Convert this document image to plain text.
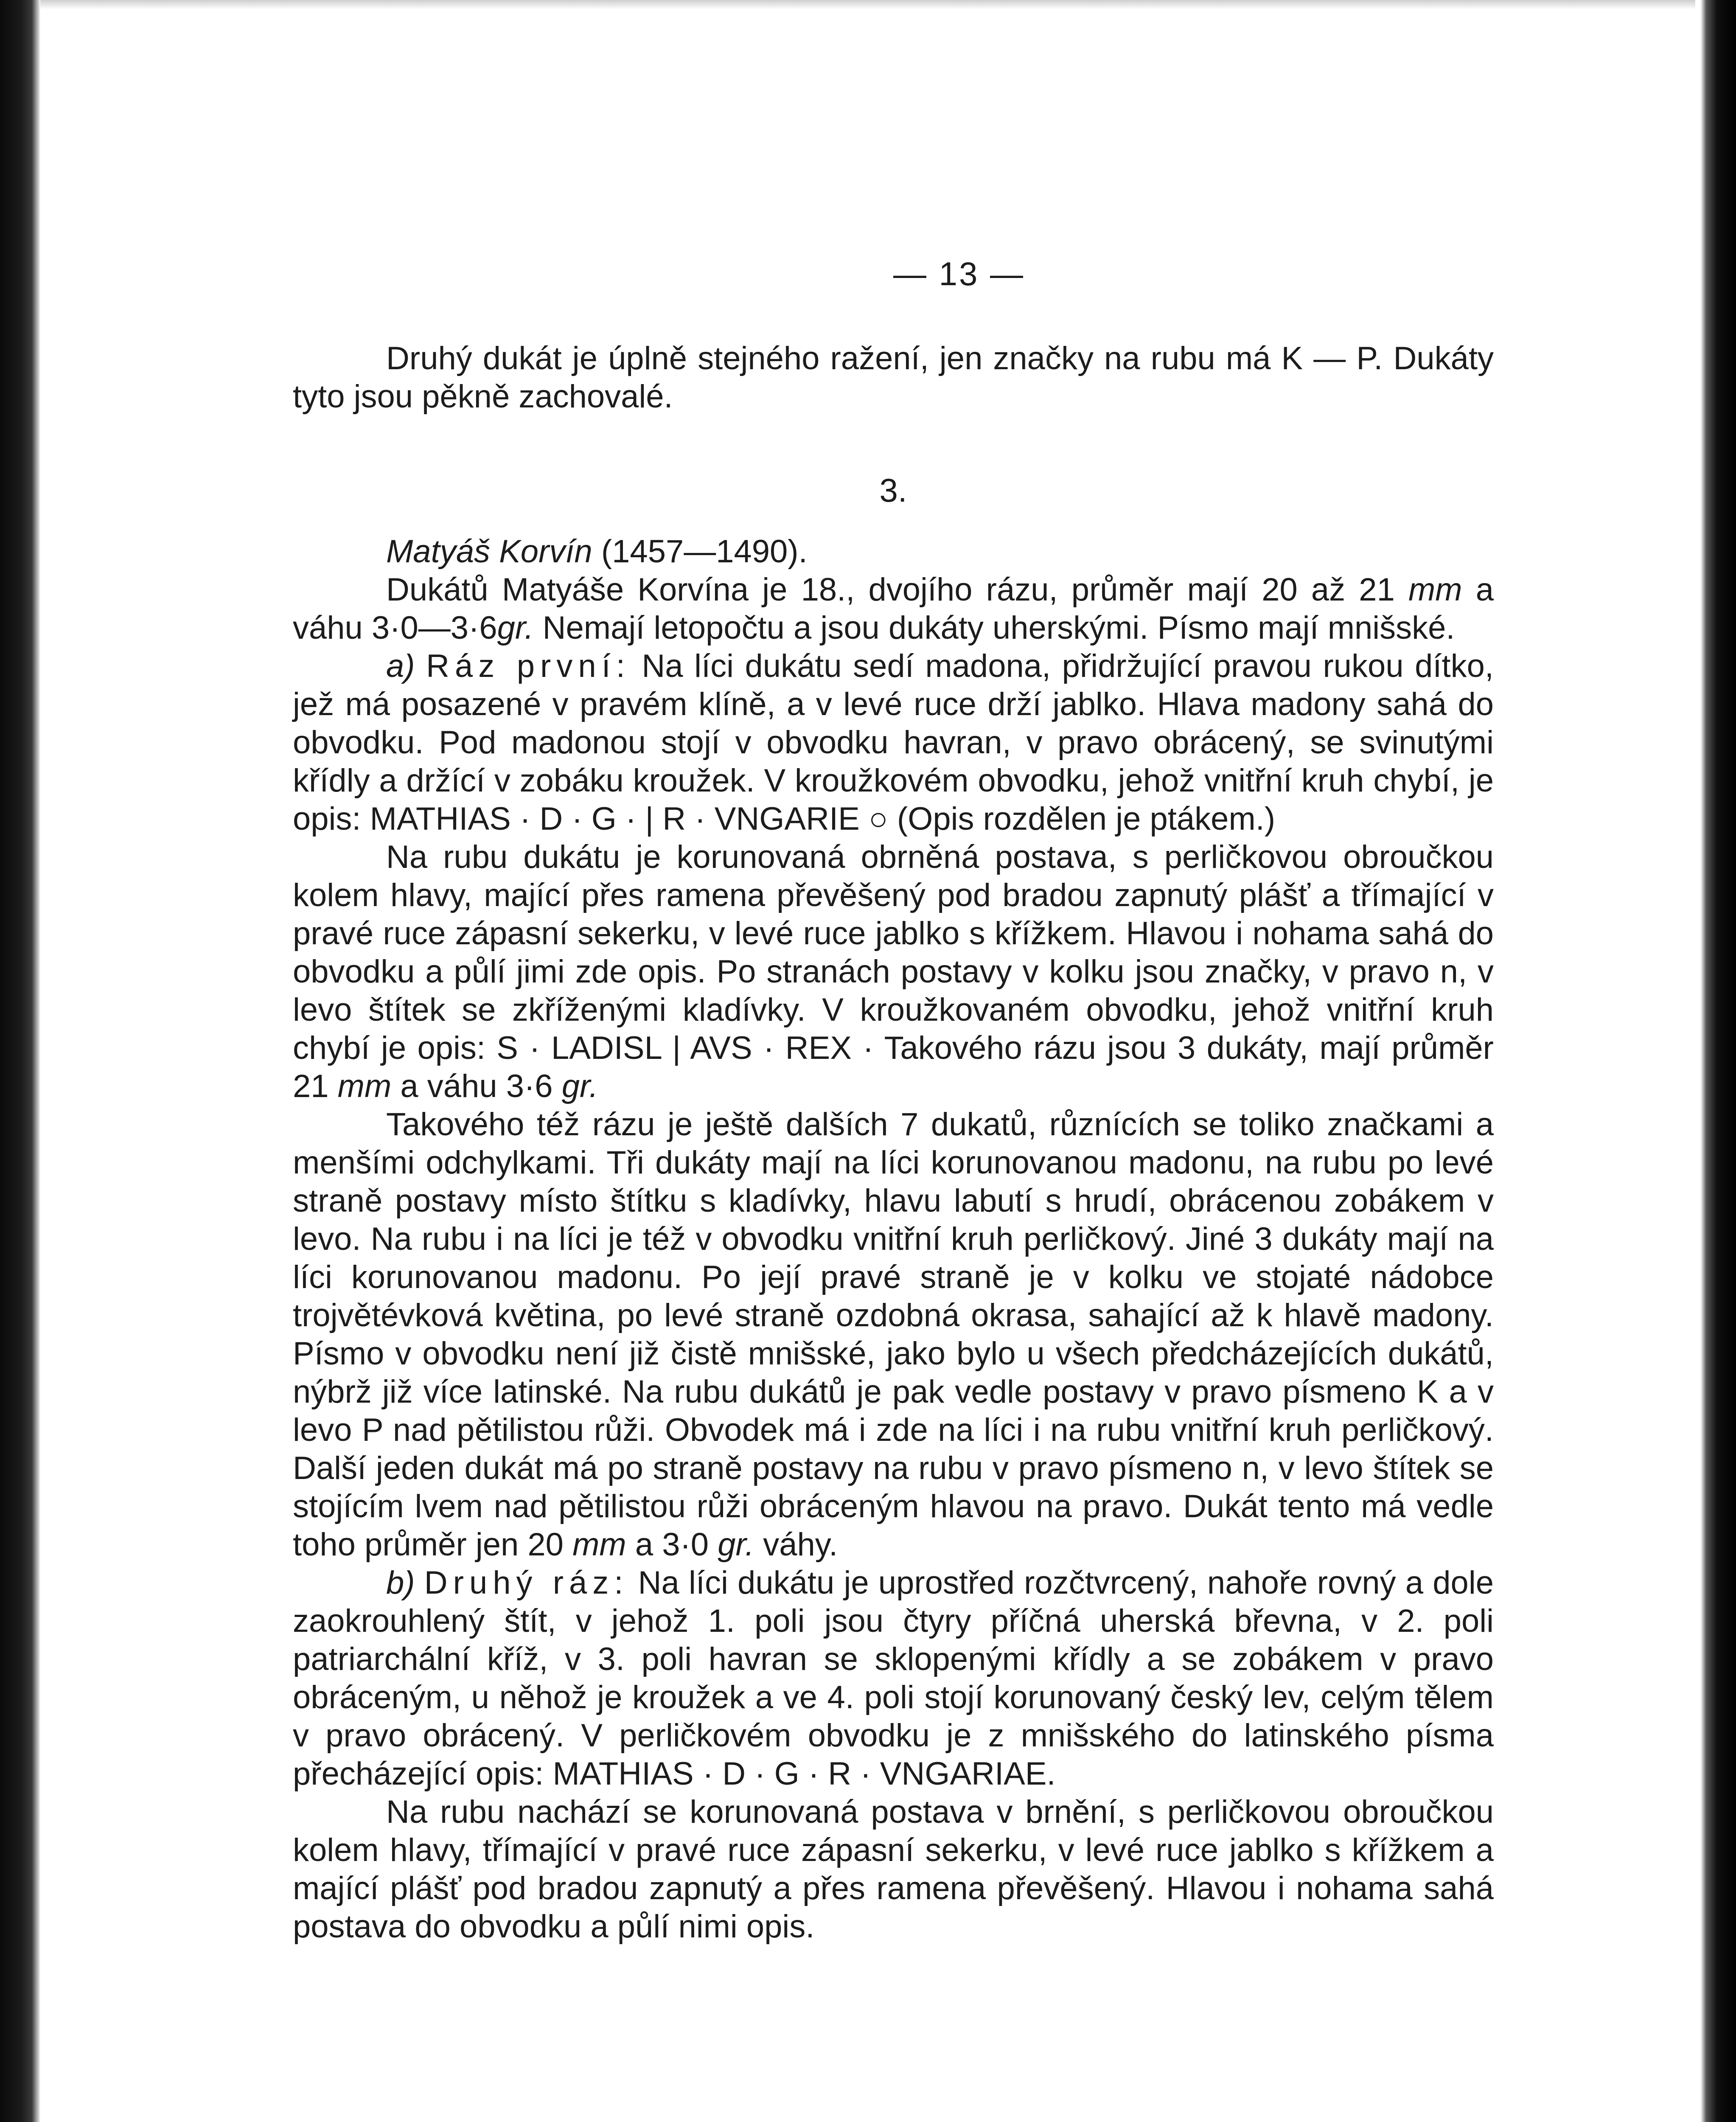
— 13 —

Druhý dukát je úplně stejného ražení, jen značky na rubu má K — P. Dukáty tyto jsou pěkně zachovalé.

3.
Matyáš Korvín (1457—1490).

Dukátů Matyáše Korvína je 18., dvojího rázu, průměr mají 20 až 21 mm a váhu 3·0—3·6gr. Nemají letopočtu a jsou dukáty uherskými. Písmo mají mnišské.

a) Ráz první: Na líci dukátu sedí madona, přidržující pravou rukou dítko, jež má posazené v pravém klíně, a v levé ruce drží jablko. Hlava madony sahá do obvodku. Pod madonou stojí v obvodku havran, v pravo obrácený, se svinutými křídly a držící v zobáku kroužek. V kroužkovém obvodku, jehož vnitřní kruh chybí, je opis: MATHIAS · D · G · | R · VNGARIE ○ (Opis rozdělen je ptákem.)

Na rubu dukátu je korunovaná obrněná postava, s perličkovou obroučkou kolem hlavy, mající přes ramena převěšený pod bradou zapnutý plášť a třímající v pravé ruce zápasní sekerku, v levé ruce jablko s křížkem. Hlavou i nohama sahá do obvodku a půlí jimi zde opis. Po stranách postavy v kolku jsou značky, v pravo n, v levo štítek se zkříženými kladívky. V kroužkovaném obvodku, jehož vnitřní kruh chybí je opis: S · LADISL | AVS · REX · Takového rázu jsou 3 dukáty, mají průměr 21 mm a váhu 3·6 gr.

Takového též rázu je ještě dalších 7 dukatů, různících se toliko značkami a menšími odchylkami. Tři dukáty mají na líci korunovanou madonu, na rubu po levé straně postavy místo štítku s kladívky, hlavu labutí s hrudí, obrácenou zobákem v levo. Na rubu i na líci je též v obvodku vnitřní kruh perličkový. Jiné 3 dukáty mají na líci korunovanou madonu. Po její pravé straně je v kolku ve stojaté nádobce trojvětévková květina, po levé straně ozdobná okrasa, sahající až k hlavě madony. Písmo v obvodku není již čistě mnišské, jako bylo u všech předcházejících dukátů, nýbrž již více latinské. Na rubu dukátů je pak vedle postavy v pravo písmeno K a v levo P nad pětilistou růži. Obvodek má i zde na líci i na rubu vnitřní kruh perličkový. Další jeden dukát má po straně postavy na rubu v pravo písmeno n, v levo štítek se stojícím lvem nad pětilistou růži obráceným hlavou na pravo. Dukát tento má vedle toho průměr jen 20 mm a 3·0 gr. váhy.

b) Druhý ráz: Na líci dukátu je uprostřed rozčtvrcený, nahoře rovný a dole zaokrouhlený štít, v jehož 1. poli jsou čtyry příčná uherská břevna, v 2. poli patriarchální kříž, v 3. poli havran se sklopenými křídly a se zobákem v pravo obráceným, u něhož je kroužek a ve 4. poli stojí korunovaný český lev, celým tělem v pravo obrácený. V perličkovém obvodku je z mnišského do latinského písma přecházející opis: MATHIAS · D · G · R · VNGARIAE.

Na rubu nachází se korunovaná postava v brnění, s perličkovou obroučkou kolem hlavy, třímající v pravé ruce zápasní sekerku, v levé ruce jablko s křížkem a mající plášť pod bradou zapnutý a přes ramena převěšený. Hlavou i nohama sahá postava do obvodku a půlí nimi opis.
